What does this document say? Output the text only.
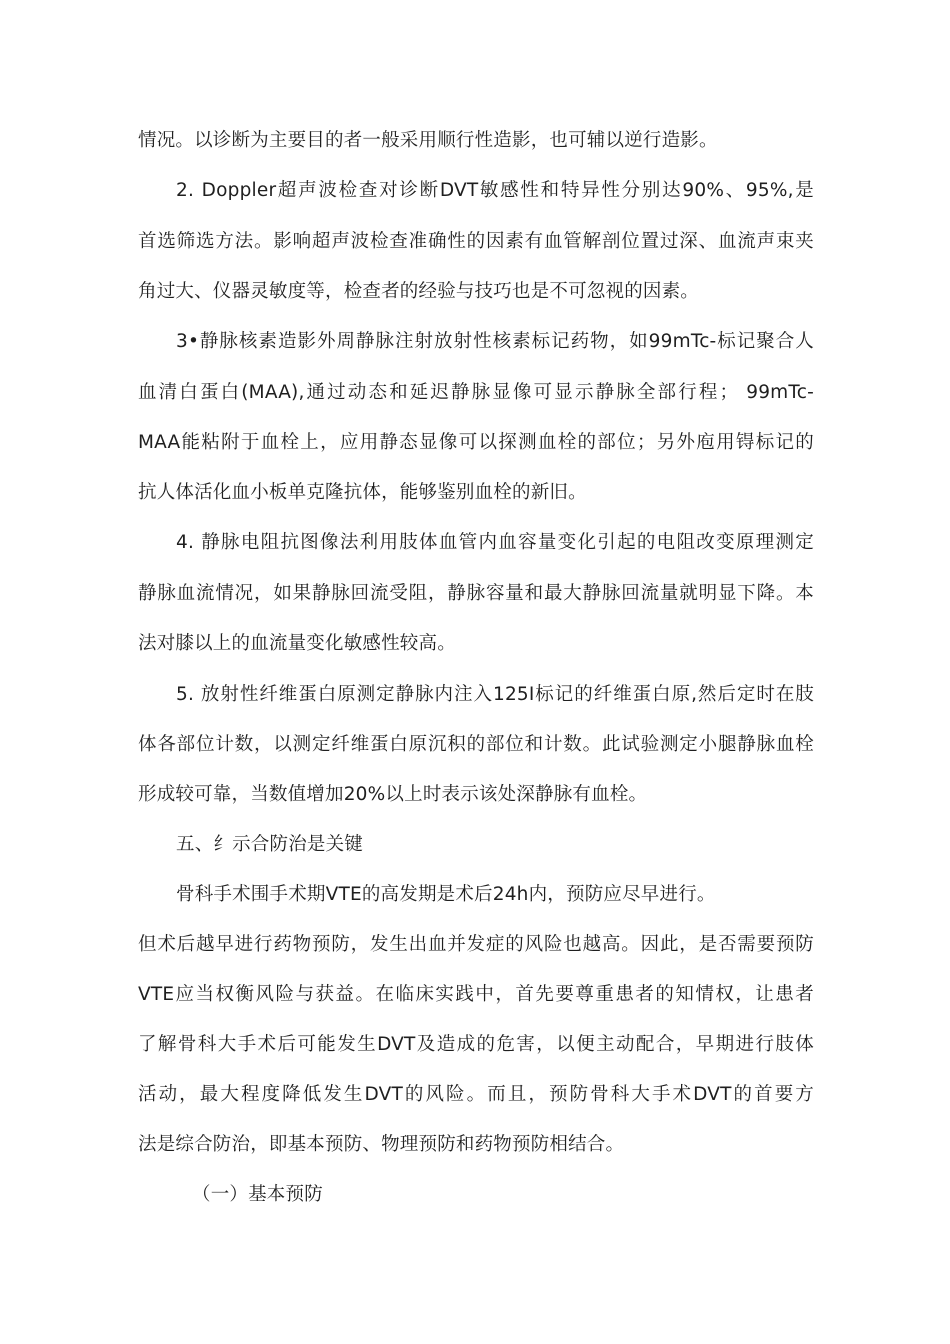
情况。以诊断为主要目的者一般采用顺行性造影，也可辅以逆行造影。
2. Doppler超声波检查对诊断DVT敏感性和特异性分别达90%、95%,是
首选筛选方法。影响超声波检查准确性的因素有血管解剖位置过深、血流声束夹
角过大、仪器灵敏度等，检查者的经验与技巧也是不可忽视的因素。
3•静脉核素造影外周静脉注射放射性核素标记药物，如99mTc-标记聚合人
血清白蛋白(MAA),通过动态和延迟静脉显像可显示静脉全部行程； 99mTc-
MAA能粘附于血栓上，应用静态显像可以探测血栓的部位；另外庖用锝标记的
抗人体活化血小板单克隆抗体，能够鉴别血栓的新旧。
4. 静脉电阻抗图像法利用肢体血管内血容量变化引起的电阻改变原理测定
静脉血流情况，如果静脉回流受阻，静脉容量和最大静脉回流量就明显下降。本
法对膝以上的血流量变化敏感性较高。
5. 放射性纤维蛋白原测定静脉内注入125I标记的纤维蛋白原,然后定时在肢
体各部位计数，以测定纤维蛋白原沉积的部位和计数。此试验测定小腿静脉血栓
形成较可靠，当数值增加20%以上时表示该处深静脉有血栓。
五、纟示合防治是关键
骨科手术围手术期VTE的高发期是术后24h内，预防应尽早进行。
但术后越早进行药物预防，发生出血并发症的风险也越高。因此，是否需要预防
VTE应当权衡风险与获益。在临床实践中，首先要尊重患者的知情权，让患者
了解骨科大手术后可能发生DVT及造成的危害，以便主动配合，早期进行肢体
活动，最大程度降低发生DVT的风险。而且，预防骨科大手术DVT的首要方
法是综合防治，即基本预防、物理预防和药物预防相结合。
（一）基本预防
